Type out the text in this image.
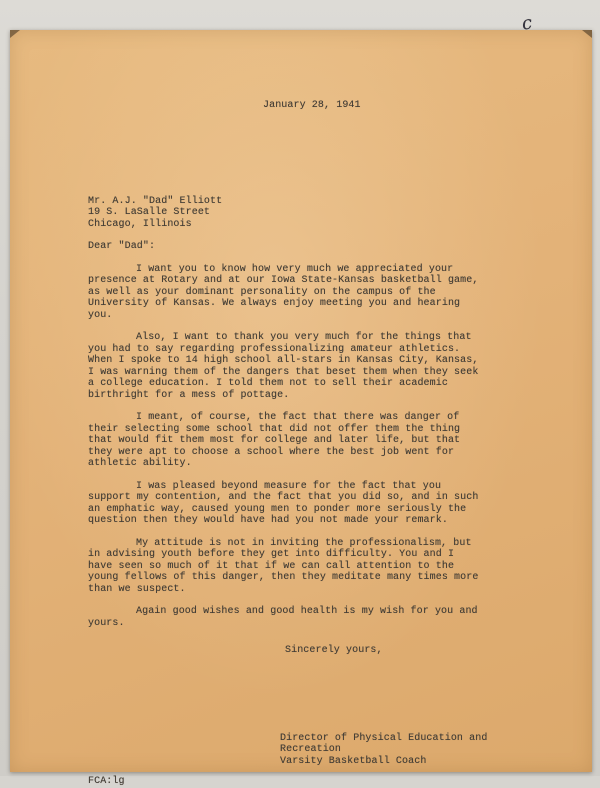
c
January 28, 1941
Mr. A.J. "Dad" Elliott
19 S. LaSalle Street
Chicago, Illinois
Dear "Dad":

I want you to know how very much we appreciated your presence at Rotary and at our Iowa State-Kansas basketball game, as well as your dominant personality on the campus of the University of Kansas. We always enjoy meeting you and hearing you.

Also, I want to thank you very much for the things that you had to say regarding professionalizing amateur athletics. When I spoke to 14 high school all-stars in Kansas City, Kansas, I was warning them of the dangers that beset them when they seek a college education. I told them not to sell their academic birthright for a mess of pottage.

I meant, of course, the fact that there was danger of their selecting some school that did not offer them the thing that would fit them most for college and later life, but that they were apt to choose a school where the best job went for athletic ability.

I was pleased beyond measure for the fact that you support my contention, and the fact that you did so, and in such an emphatic way, caused young men to ponder more seriously the question then they would have had you not made your remark.

My attitude is not in inviting the professionalism, but in advising youth before they get into difficulty. You and I have seen so much of it that if we can call attention to the young fellows of this danger, then they meditate many times more than we suspect.

Again good wishes and good health is my wish for you and yours.

Sincerely yours,
Director of Physical Education and Recreation
Varsity Basketball Coach
FCA:lg
